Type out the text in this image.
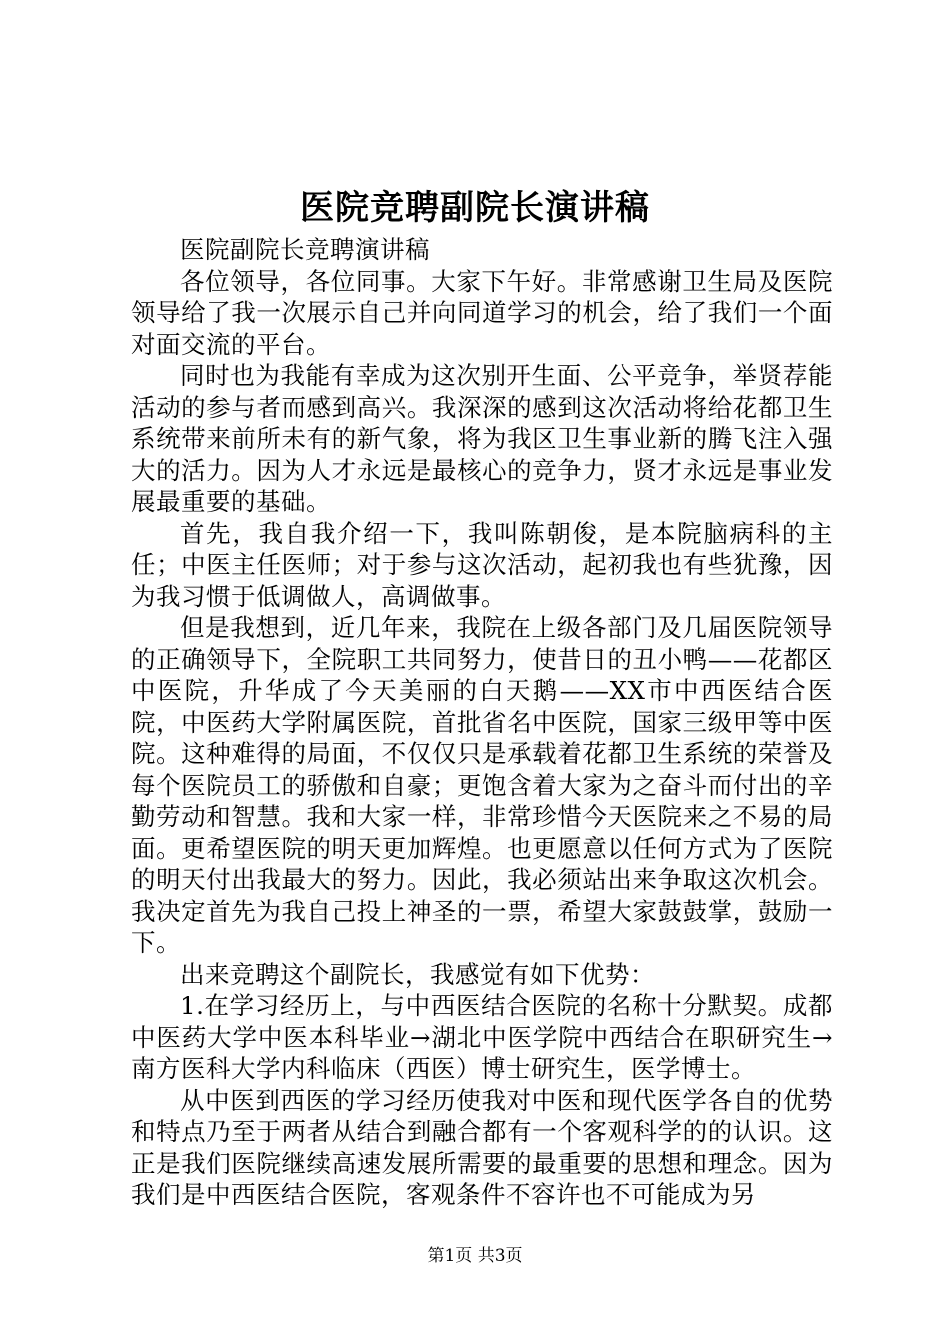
医院竞聘副院长演讲稿

医院副院长竞聘演讲稿

各位领导，各位同事。大家下午好。非常感谢卫生局及医院领导给了我一次展示自己并向同道学习的机会，给了我们一个面对面交流的平台。

同时也为我能有幸成为这次别开生面、公平竞争，举贤荐能活动的参与者而感到高兴。我深深的感到这次活动将给花都卫生系统带来前所未有的新气象，将为我区卫生事业新的腾飞注入强大的活力。因为人才永远是最核心的竞争力，贤才永远是事业发展最重要的基础。

首先，我自我介绍一下，我叫陈朝俊，是本院脑病科的主任；中医主任医师；对于参与这次活动，起初我也有些犹豫，因为我习惯于低调做人，高调做事。

但是我想到，近几年来，我院在上级各部门及几届医院领导的正确领导下，全院职工共同努力，使昔日的丑小鸭——花都区中医院，升华成了今天美丽的白天鹅——XX市中西医结合医院，中医药大学附属医院，首批省名中医院，国家三级甲等中医院。这种难得的局面，不仅仅只是承载着花都卫生系统的荣誉及每个医院员工的骄傲和自豪；更饱含着大家为之奋斗而付出的辛勤劳动和智慧。我和大家一样，非常珍惜今天医院来之不易的局面。更希望医院的明天更加辉煌。也更愿意以任何方式为了医院的明天付出我最大的努力。因此，我必须站出来争取这次机会。我决定首先为我自己投上神圣的一票，希望大家鼓鼓掌，鼓励一下。

出来竞聘这个副院长，我感觉有如下优势：

1.在学习经历上，与中西医结合医院的名称十分默契。成都中医药大学中医本科毕业→湖北中医学院中西结合在职研究生→南方医科大学内科临床（西医）博士研究生，医学博士。

从中医到西医的学习经历使我对中医和现代医学各自的优势和特点乃至于两者从结合到融合都有一个客观科学的的认识。这正是我们医院继续高速发展所需要的最重要的思想和理念。因为我们是中西医结合医院，客观条件不容许也不可能成为另

第1页 共3页
